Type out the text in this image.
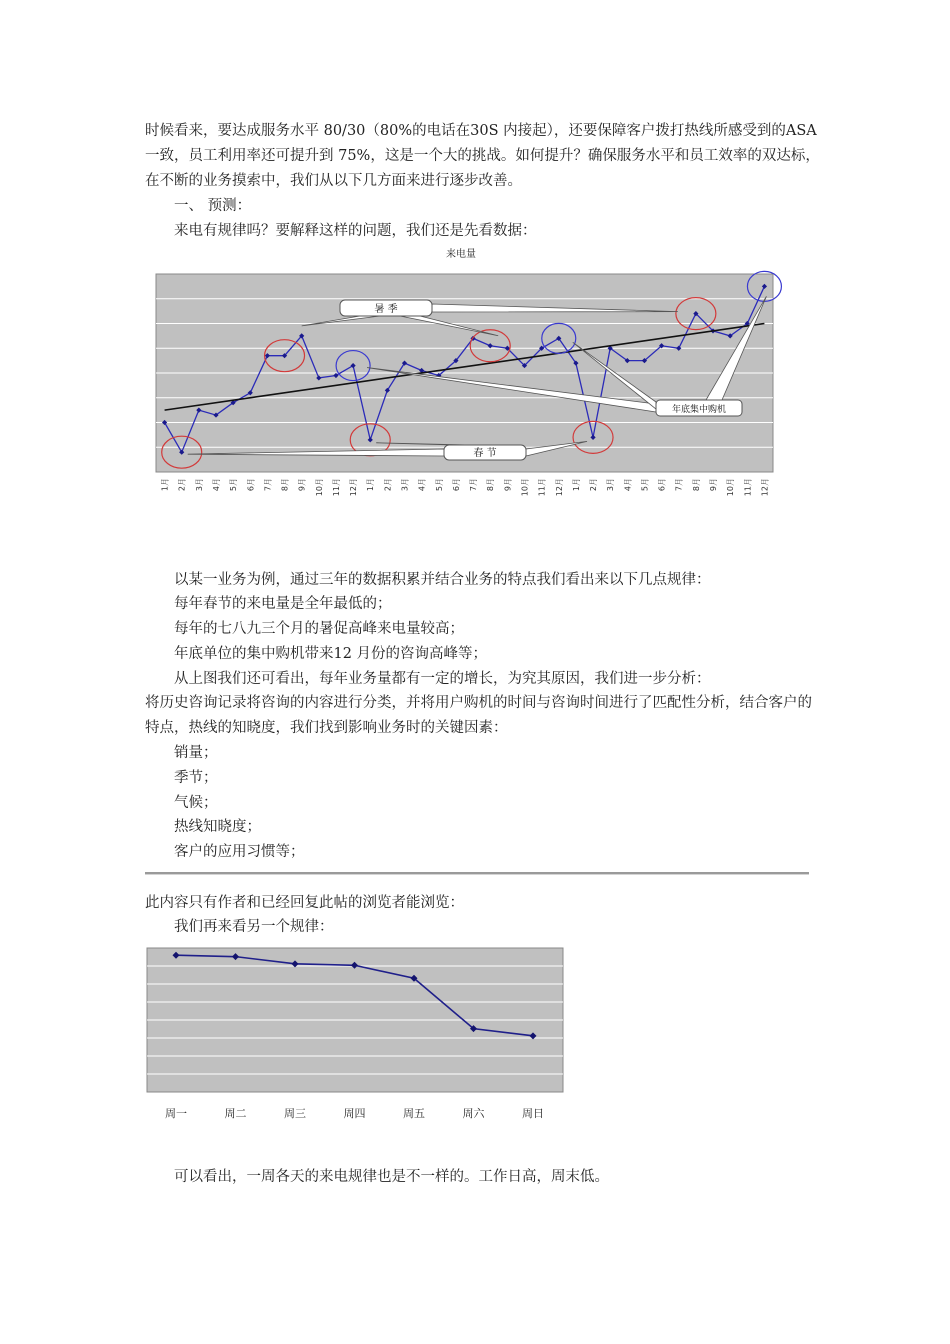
时候看来，要达成服务水平 80/30（80%的电话在30S 内接起），还要保障客户拨打热线所感受到的ASA
一致，员工利用率还可提升到 75%，这是一个大的挑战。如何提升？确保服务水平和员工效率的双达标，
在不断的业务摸索中，我们从以下几方面来进行逐步改善。
一、 预测：
来电有规律吗？要解释这样的问题，我们还是先看数据：
来电量
1月 2月 3月 4月 5月 6月 7月 8月 9月 10月 11月 12月 1月 2月 3月 4月 5月 6月 7月 8月 9月 10月 11月 12月 1月 2月 3月 4月 5月 6月 7月 8月 9月 10月 11月 12月
暑 季
春 节
年底集中购机
以某一业务为例，通过三年的数据积累并结合业务的特点我们看出来以下几点规律：
每年春节的来电量是全年最低的；
每年的七八九三个月的暑促高峰来电量较高；
年底单位的集中购机带来12 月份的咨询高峰等；
从上图我们还可看出，每年业务量都有一定的增长，为究其原因，我们进一步分析：
将历史咨询记录将咨询的内容进行分类，并将用户购机的时间与咨询时间进行了匹配性分析，结合客户的
特点，热线的知晓度，我们找到影响业务时的关键因素：
销量；
季节；
气候；
热线知晓度；
客户的应用习惯等；
此内容只有作者和已经回复此帖的浏览者能浏览：
我们再来看另一个规律：
周一	周二	周三	周四	周五	周六	周日
可以看出，一周各天的来电规律也是不一样的。工作日高，周末低。
